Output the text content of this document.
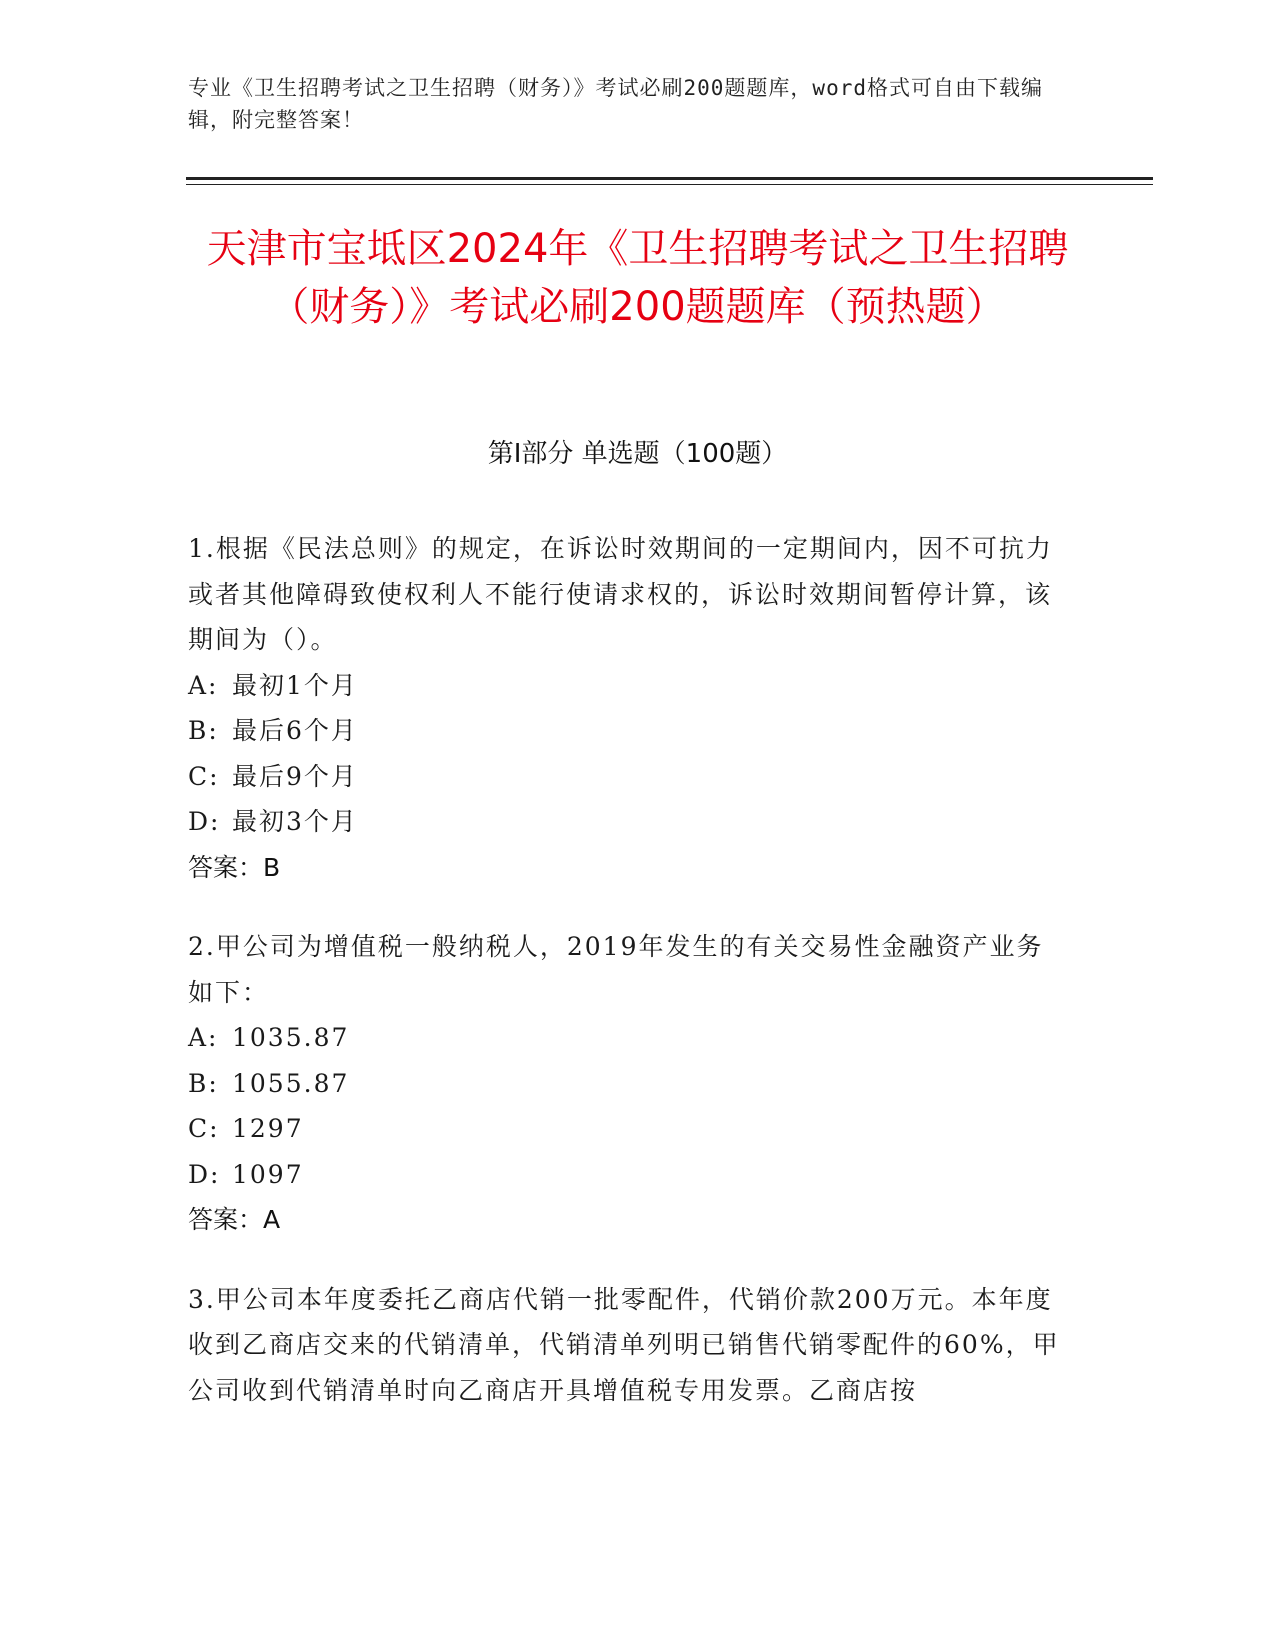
专业《卫生招聘考试之卫生招聘（财务）》考试必刷200题题库，word格式可自由下载编辑，附完整答案！
天津市宝坻区2024年《卫生招聘考试之卫生招聘（财务）》考试必刷200题题库（预热题）
第Ⅰ部分 单选题（100题）

1.根据《民法总则》的规定，在诉讼时效期间的一定期间内，因不可抗力或者其他障碍致使权利人不能行使请求权的，诉讼时效期间暂停计算，该期间为（）。

A: 最初1个月

B: 最后6个月

C: 最后9个月

D: 最初3个月

答案：B

2.甲公司为增值税一般纳税人，2019年发生的有关交易性金融资产业务如下：

A: 1035.87

B: 1055.87

C: 1297

D: 1097

答案：A

3.甲公司本年度委托乙商店代销一批零配件，代销价款200万元。本年度收到乙商店交来的代销清单，代销清单列明已销售代销零配件的60%，甲公司收到代销清单时向乙商店开具增值税专用发票。乙商店按
